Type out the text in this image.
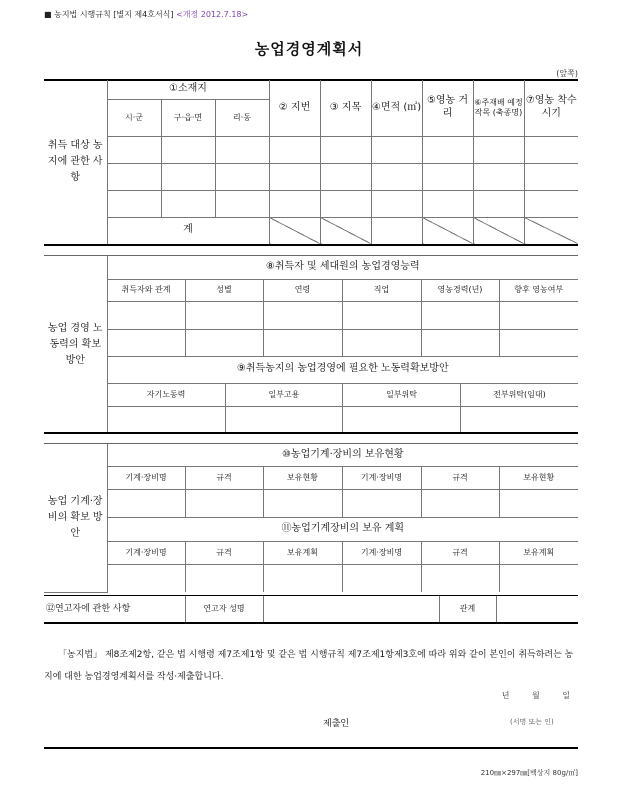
■ 농지법 시행규칙 [별지 제4호서식] <개정 2012.7.18>
농업경영계획서
(앞쪽)
취득 대상 농지에 관한 사항	①소재지			② 지번	③ 지목	④면적 (㎡)	⑤영농 거리	⑥주재배 예정 작목 (축종명)	⑦영농 착수시기
	시·군	구·읍·면	리·동						

	계								

농업 경영 노동력의 확보 방안	⑧취득자 및 세대원의 농업경영능력
취득자와 관계	성별	연령	직업	영농경력(년)	향후 영농여부

⑨취득농지의 농업경영에 필요한 노동력확보방안

자기노동력	일부고용	일부위탁	전부위탁(임대)

농업 기계·장비의 확보 방안	⑩농업기계·장비의 보유현황					
	기계·장비명	규격	보유현황	기계·장비명	규격	보유현황

	⑪농업기계장비의 보유 계획					
	기계·장비명	규격	보유계획	기계·장비명	규격	보유계획

⑫연고자에 관한 사항	연고자 성명		관계	

「농지법」 제8조제2항, 같은 법 시행령 제7조제1항 및 같은 법 시행규칙 제7조제1항제3호에 따라 위와 같이 본인이 취득하려는 농지에 대한 농업경영계획서를 작성·제출합니다.

년 월 일
제출인	(서명 또는 인)
210㎜×297㎜[백상지 80g/㎡]
